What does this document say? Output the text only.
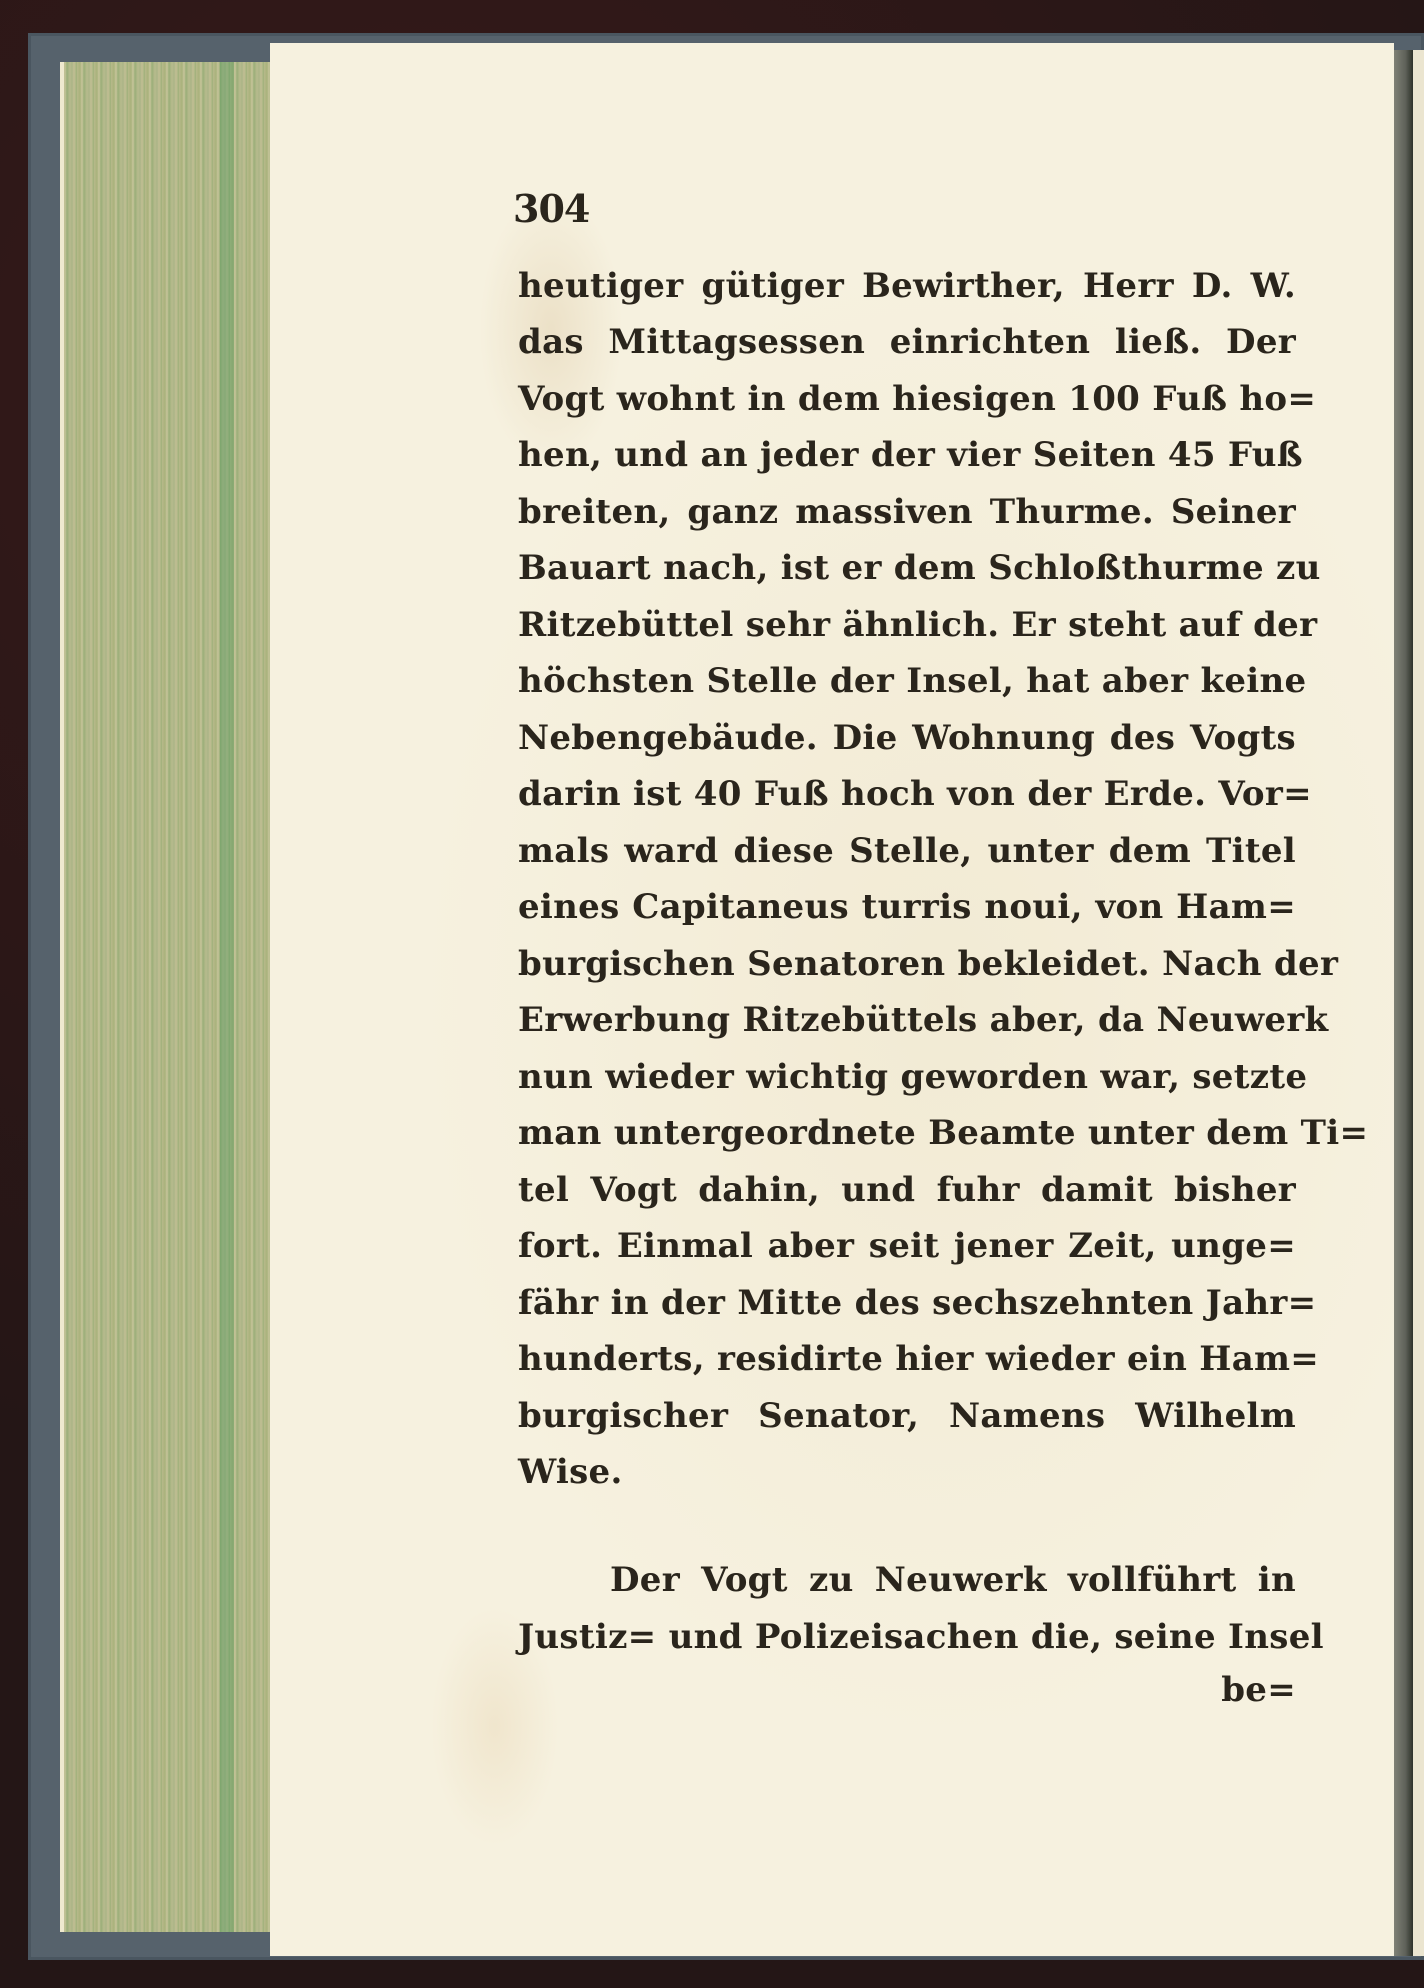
304
heutiger gütiger Bewirther, Herr D. W.
das Mittagsessen einrichten ließ. Der
Vogt wohnt in dem hiesigen 100 Fuß ho=
hen, und an jeder der vier Seiten 45 Fuß
breiten, ganz massiven Thurme. Seiner
Bauart nach, ist er dem Schloßthurme zu
Ritzebüttel sehr ähnlich. Er steht auf der
höchsten Stelle der Insel, hat aber keine
Nebengebäude. Die Wohnung des Vogts
darin ist 40 Fuß hoch von der Erde. Vor=
mals ward diese Stelle, unter dem Titel
eines Capitaneus turris noui, von Ham=
burgischen Senatoren bekleidet. Nach der
Erwerbung Ritzebüttels aber, da Neuwerk
nun wieder wichtig geworden war, setzte
man untergeordnete Beamte unter dem Ti=
tel Vogt dahin, und fuhr damit bisher
fort. Einmal aber seit jener Zeit, unge=
fähr in der Mitte des sechszehnten Jahr=
hunderts, residirte hier wieder ein Ham=
burgischer Senator, Namens Wilhelm
Wise.
Der Vogt zu Neuwerk vollführt in
Justiz= und Polizeisachen die, seine Insel
be=
